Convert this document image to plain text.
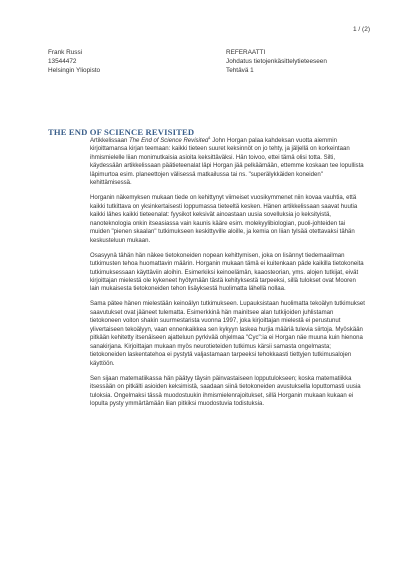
1 / (2)
Frank Russi
13544472
Helsingin Yliopisto
REFERAATTI
Johdatus tietojenkäsittelytieteeseen
Tehtävä 1
THE END OF SCIENCE REVISITED

Artikkelissaan The End of Science Revisited$^1$ John Horgan palaa kahdeksan vuotta aiemmin kirjoittamansa kirjan teemaan: kaikki tieteen suuret keksinnöt on jo tehty, ja jäljellä on korkeintaan ihmismielelle liian monimutkaisia asioita keksittäväksi. Hän toivoo, ettei tämä olisi totta. Silti, käydessään artikkelissaan päätieteenalat läpi Horgan jää pelkäämään, ettemme koskaan tee lopullista läpimurtoa esim. planeettojen välisessä matkailussa tai ns. "superälykkäiden koneiden" kehittämisessä.

Horganin näkemyksen mukaan tiede on kehittynyt viimeiset vuosikymmenet niin kovaa vauhtia, että kaikki tutkittava on yksinkertaisesti loppumassa tieteeltä kesken. Hänen artikkelissaan saavat huutia kaikki lähes kaikki tieteenalat: fyysikot keksivät ainoastaan uusia sovelluksia jo keksityistä, nanoteknologia onkin itseasiassa vain kaunis kääre esim. molekyylibiologian, puoli-johteiden tai muiden "pienen skaalan" tutkimukseen keskittyville aloille, ja kemia on liian tylsää otettavaksi tähän keskusteluun mukaan.

Osasyynä tähän hän näkee tietokoneiden nopean kehittymisen, joka on lisännyt tiedemaailman tutkimusten tehoa huomattavin määrin. Horganin mukaan tämä ei kuitenkaan päde kaikilla tietokoneita tutkimuksessaan käyttäviin aloihin. Esimerkiksi keinoelämän, kaaosteorian, yms. alojen tutkijat, eivät kirjoittajan mielestä ole kykeneet hyötymään tästä kehityksestä tarpeeksi, sillä tulokset ovat Mooren lain mukaisesta tietokoneiden tehon lisäyksestä huolimatta lähellä nollaa.

Sama pätee hänen mielestään keinoälyn tutkimukseen. Lupauksistaan huolimatta tekoälyn tutkimukset saavutukset ovat jääneet tulematta. Esimerkkinä hän mainitsee alan tutkijoiden juhlistaman tietokoneen voiton shakin suurmestarista vuonna 1997, joka kirjoittajan mielestä ei perustunut ylivertaiseen tekoälyyn, vaan ennenkaikkea sen kykyyn laskea hurjia määriä tulevia siirtoja. Myöskään pitkään kehitetty itsenäiseen ajatteluun pyrkivää ohjelmaa "Cyc":ia ei Horgan näe muuna kuin hienona sanakirjana. Kirjoittajan mukaan myös neurotieteiden tutkimus kärsii samasta ongelmasta; tietokoneiden laskentatehoa ei pystytä valjastamaan tarpeeksi tehokkaasti tiettyjen tutkimusalojen käyttöön.

Sen sijaan matematiikassa hän päätyy täysin päinvastaiseen lopputulokseen; koska matematiikka itsessään on pitkälti asioiden keksimistä, saadaan siinä tietokoneiden avustuksella loputtomasti uusia tuloksia. Ongelmaksi tässä muodostuukin ihmismielenrajoitukset, sillä Horganin mukaan kukaan ei lopulta pysty ymmärtämään liian pitkiksi muodostuvia todistuksia.
